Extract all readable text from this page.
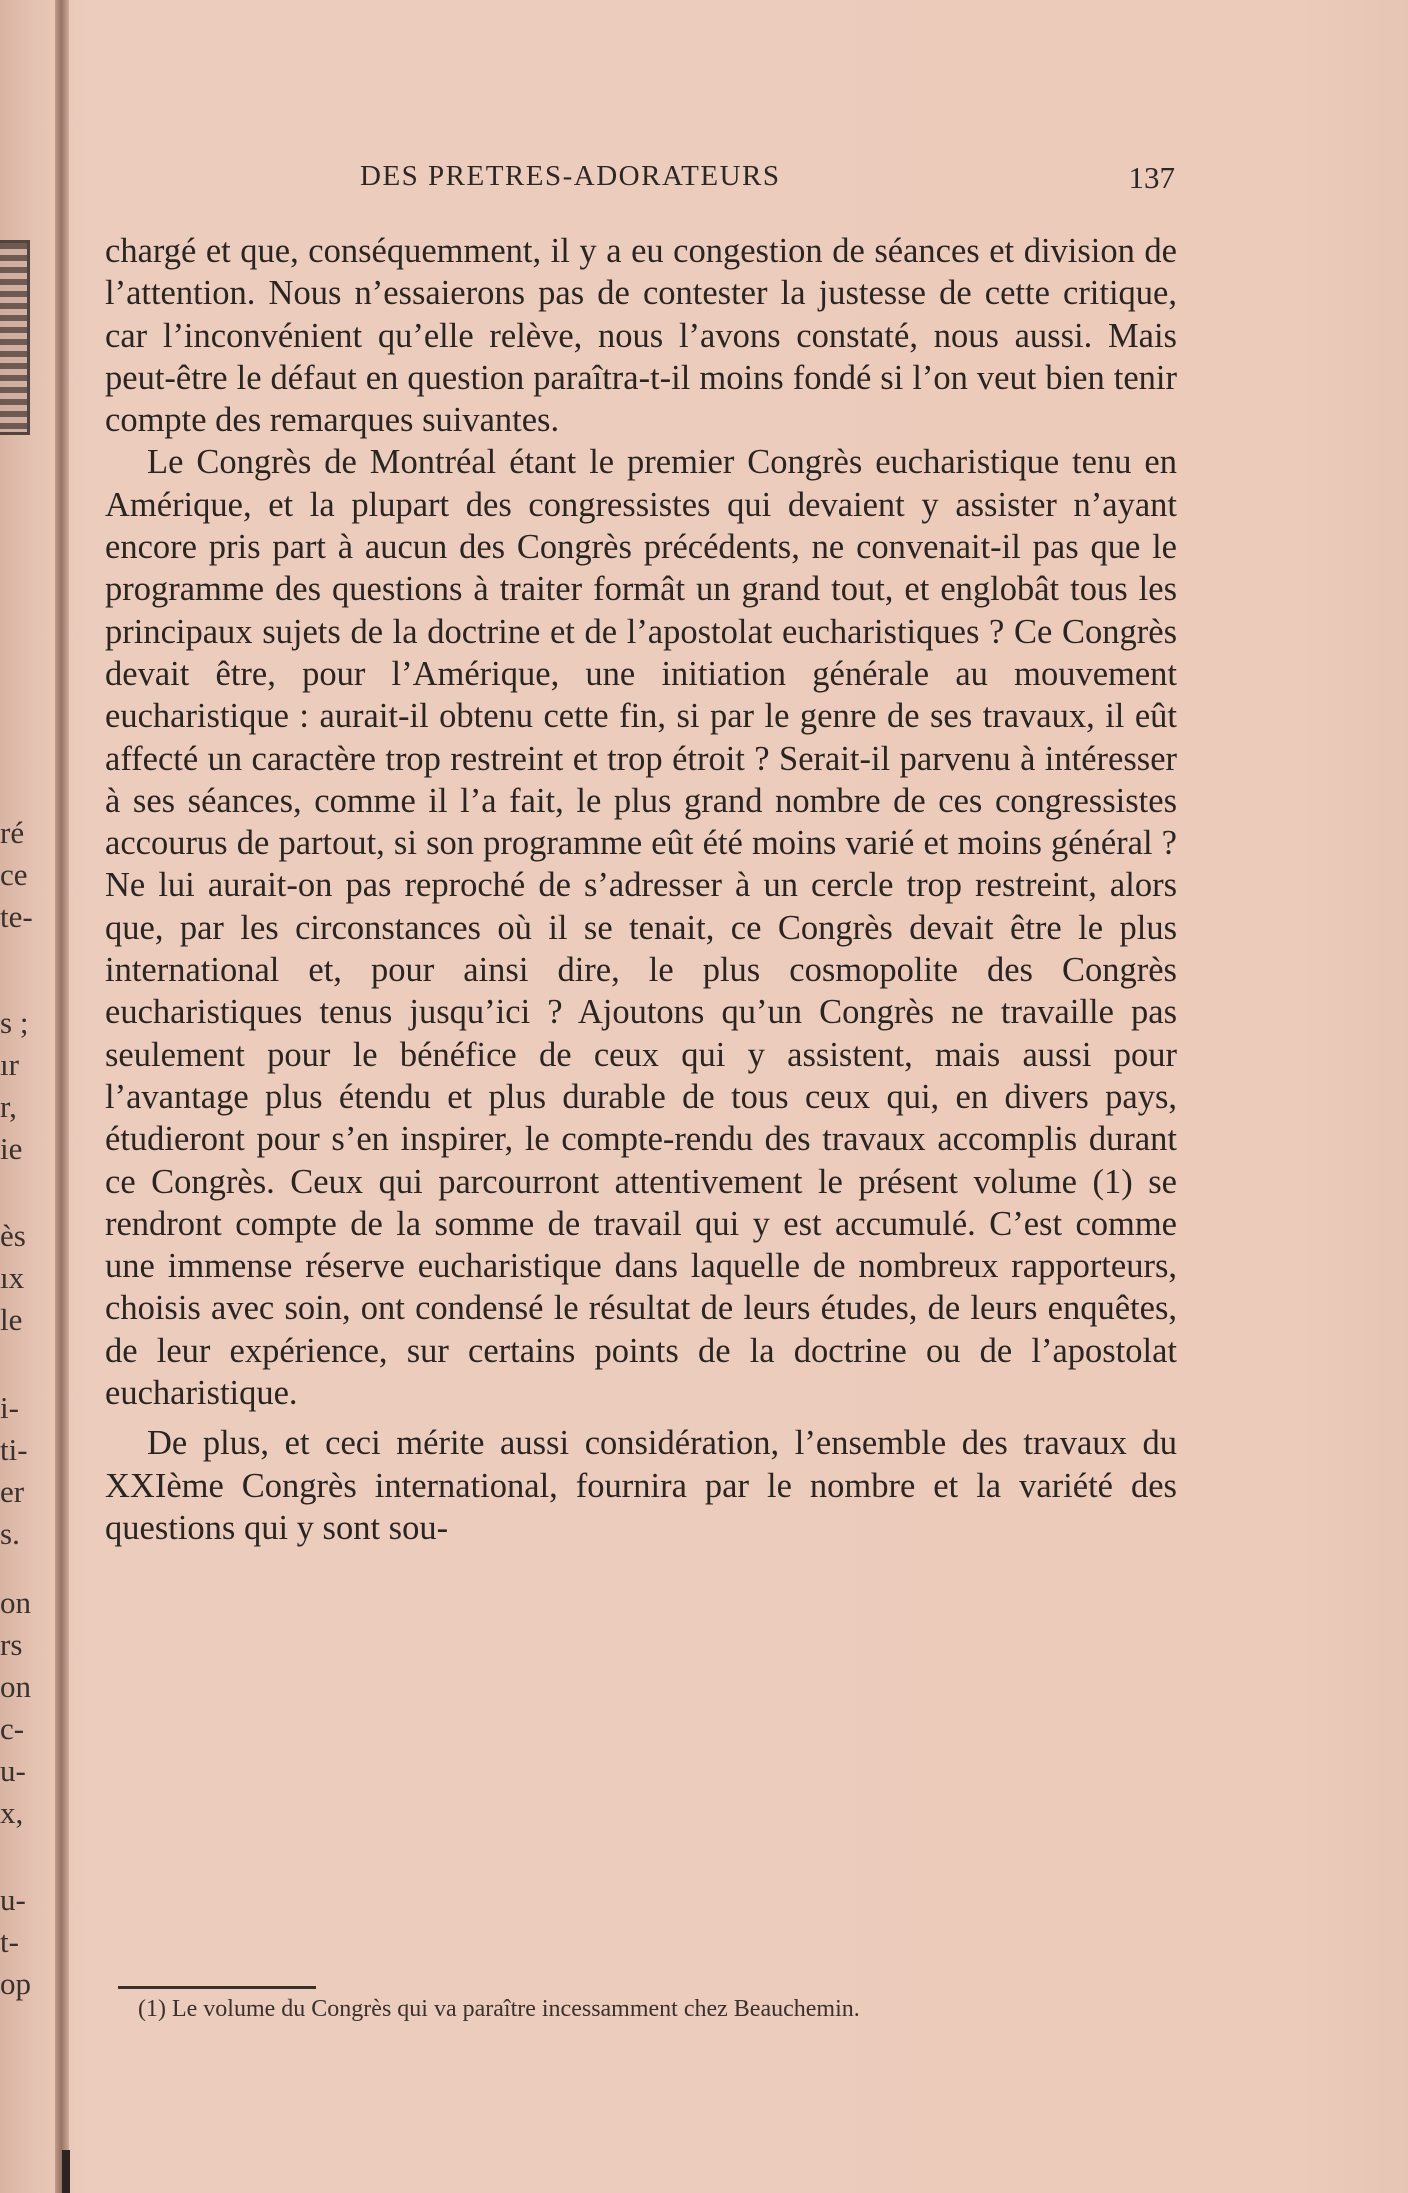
ré
ce
te-
s ;
ır
r,
ie
ès
ıx
le
i-
ti-
er
s.
on
rs
on
c-
u-
x,
u-
t-
op
DES PRETRES-ADORATEURS	137

chargé et que, conséquemment, il y a eu congestion de séances et division de l’attention. Nous n’essaierons pas de contester la justesse de cette critique, car l’inconvénient qu’elle relève, nous l’avons constaté, nous aussi. Mais peut-être le défaut en question paraîtra-t-il moins fondé si l’on veut bien tenir compte des remarques suivantes.

Le Congrès de Montréal étant le premier Congrès eucharistique tenu en Amérique, et la plupart des congressistes qui devaient y assister n’ayant encore pris part à aucun des Congrès précédents, ne convenait-il pas que le programme des questions à traiter formât un grand tout, et englobât tous les principaux sujets de la doctrine et de l’apostolat eucharistiques ? Ce Congrès devait être, pour l’Amérique, une initiation générale au mouvement eucharistique : aurait-il obtenu cette fin, si par le genre de ses travaux, il eût affecté un caractère trop restreint et trop étroit ? Serait-il parvenu à intéresser à ses séances, comme il l’a fait, le plus grand nombre de ces congressistes accourus de partout, si son programme eût été moins varié et moins général ? Ne lui aurait-on pas reproché de s’adresser à un cercle trop restreint, alors que, par les circonstances où il se tenait, ce Congrès devait être le plus international et, pour ainsi dire, le plus cosmopolite des Congrès eucharistiques tenus jusqu’ici ? Ajoutons qu’un Congrès ne travaille pas seulement pour le bénéfice de ceux qui y assistent, mais aussi pour l’avantage plus étendu et plus durable de tous ceux qui, en divers pays, étudieront pour s’en inspirer, le compte-rendu des travaux accomplis durant ce Congrès. Ceux qui parcourront attentivement le présent volume (1) se rendront compte de la somme de travail qui y est accumulé. C’est comme une immense réserve eucharistique dans laquelle de nombreux rapporteurs, choisis avec soin, ont condensé le résultat de leurs études, de leurs enquêtes, de leur expérience, sur certains points de la doctrine ou de l’apostolat eucharistique.

De plus, et ceci mérite aussi considération, l’ensemble des travaux du XXIème Congrès international, fournira par le nombre et la variété des questions qui y sont sou-

(1) Le volume du Congrès qui va paraître incessamment chez Beauchemin.
